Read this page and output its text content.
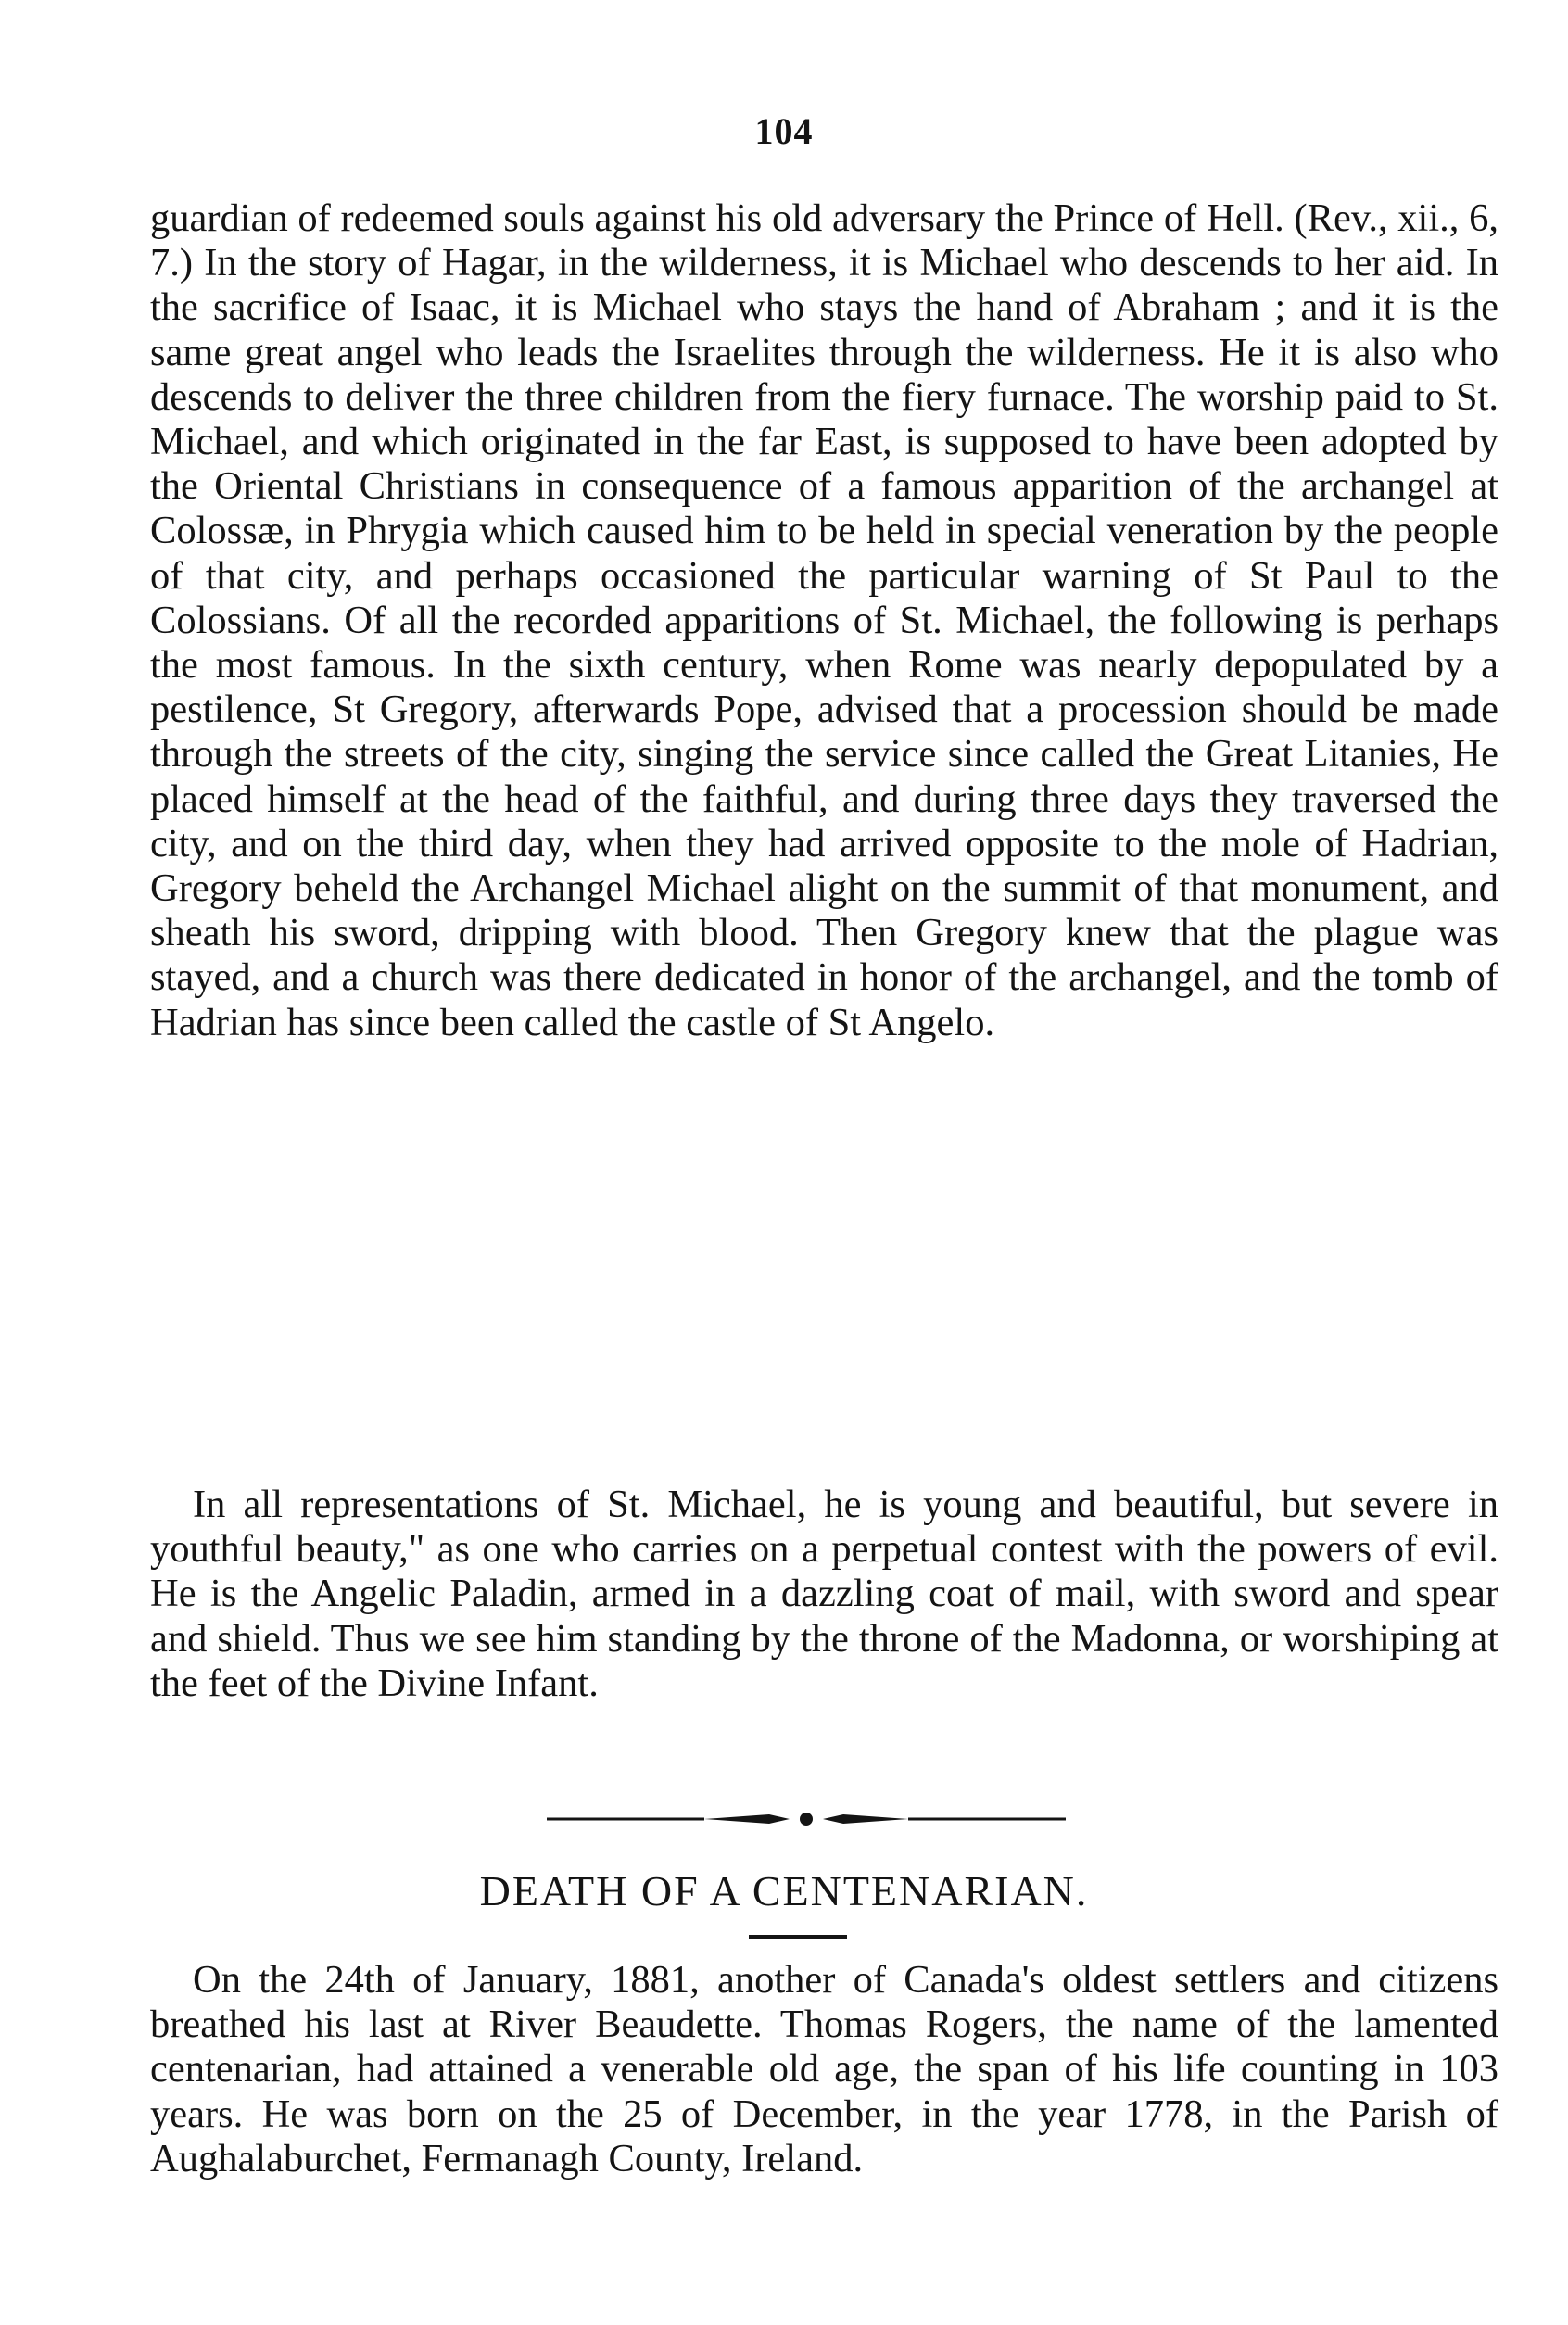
104

guardian of redeemed souls against his old adversary the Prince of Hell. (Rev., xii., 6, 7.) In the story of Hagar, in the wilderness, it is Michael who descends to her aid. In the sacrifice of Isaac, it is Michael who stays the hand of Abraham ; and it is the same great angel who leads the Israelites through the wilderness. He it is also who descends to deliver the three children from the fiery furnace. The worship paid to St. Michael, and which originated in the far East, is supposed to have been adopted by the Oriental Christians in consequence of a famous apparition of the archangel at Colossæ, in Phrygia which caused him to be held in special veneration by the people of that city, and perhaps occasioned the particular warning of St Paul to the Colossians. Of all the recorded apparitions of St. Michael, the following is perhaps the most famous. In the sixth century, when Rome was nearly depopulated by a pestilence, St Gregory, afterwards Pope, advised that a procession should be made through the streets of the city, singing the service since called the Great Litanies, He placed himself at the head of the faithful, and during three days they traversed the city, and on the third day, when they had arrived opposite to the mole of Hadrian, Gregory beheld the Archangel Michael alight on the summit of that monument, and sheath his sword, dripping with blood. Then Gregory knew that the plague was stayed, and a church was there dedicated in honor of the archangel, and the tomb of Hadrian has since been called the castle of St Angelo.

In all representations of St. Michael, he is young and beautiful, but severe in youthful beauty," as one who carries on a perpetual contest with the powers of evil. He is the Angelic Paladin, armed in a dazzling coat of mail, with sword and spear and shield. Thus we see him standing by the throne of the Madonna, or worshiping at the feet of the Divine Infant.

DEATH OF A CENTENARIAN.

On the 24th of January, 1881, another of Canada's oldest settlers and citizens breathed his last at River Beaudette. Thomas Rogers, the name of the lamented centenarian, had attained a venerable old age, the span of his life counting in 103 years. He was born on the 25 of December, in the year 1778, in the Parish of Aughalaburchet, Fermanagh County, Ireland.
